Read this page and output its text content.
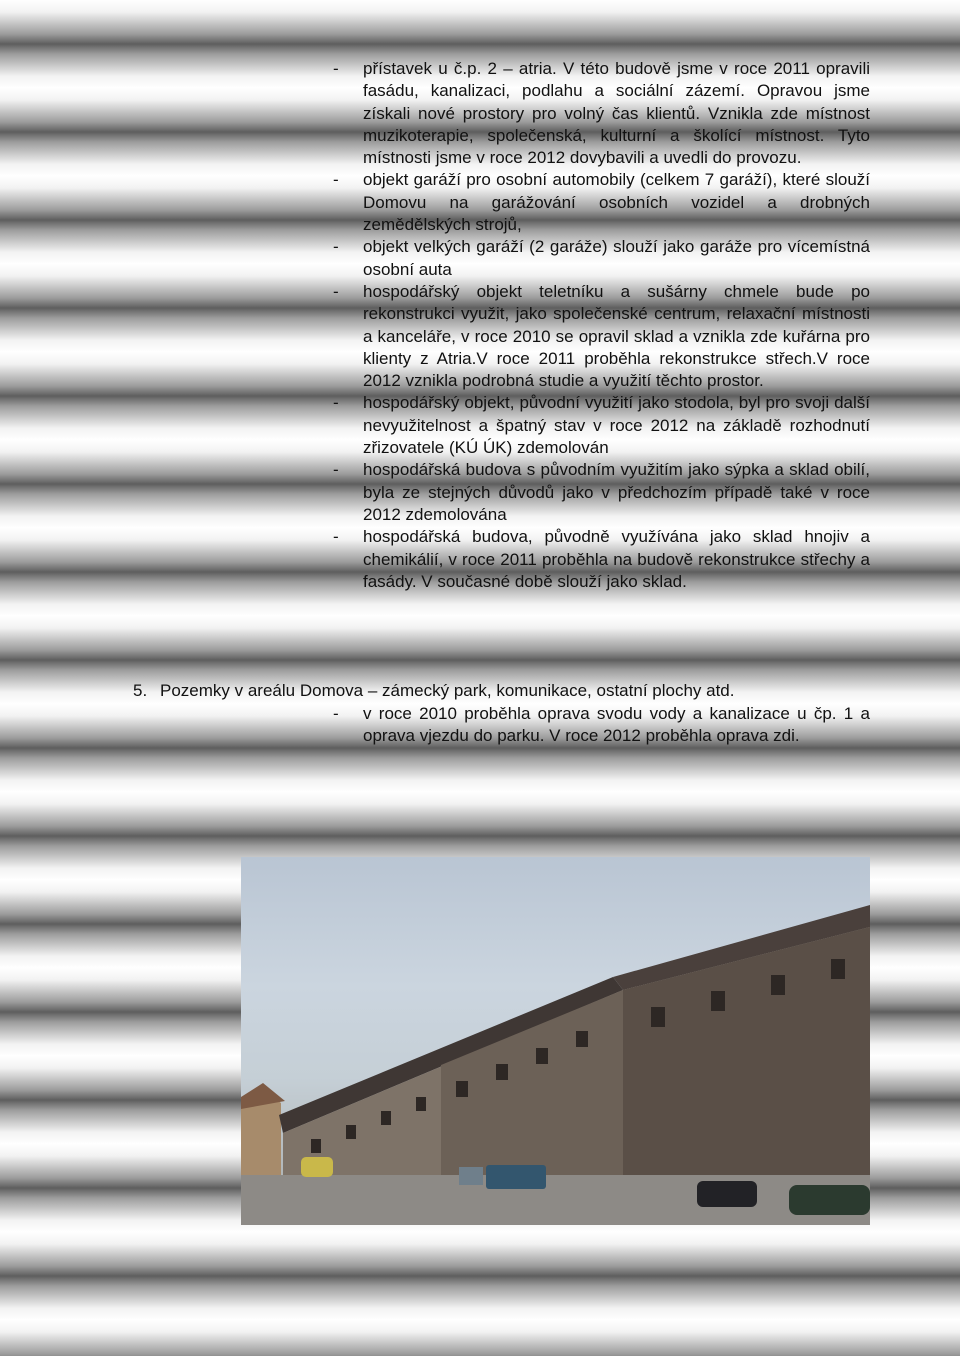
- přístavek u č.p. 2 – atria. V této budově jsme v roce 2011 opravili fasádu, kanalizaci, podlahu a sociální zázemí. Opravou jsme získali nové prostory pro volný čas klientů. Vznikla zde místnost muzikoterapie, společenská, kulturní a školící místnost. Tyto místnosti jsme v roce 2012 dovybavili a uvedli do provozu.
- objekt garáží pro osobní automobily (celkem 7 garáží), které slouží Domovu na garážování osobních vozidel a drobných zemědělských strojů,
- objekt velkých garáží (2 garáže) slouží jako garáže pro vícemístná osobní auta
- hospodářský objekt teletníku a sušárny chmele bude po rekonstrukci využit, jako společenské centrum, relaxační místnosti a kanceláře, v roce 2010 se opravil sklad a vznikla zde kuřárna pro klienty z Atria.V roce 2011 proběhla rekonstrukce střech.V roce 2012 vznikla podrobná studie a využití těchto prostor.
- hospodářský objekt, původní využití jako stodola, byl pro svoji další nevyužitelnost a špatný stav v roce 2012 na základě rozhodnutí zřizovatele (KÚ ÚK) zdemolován
- hospodářská budova s původním využitím jako sýpka a sklad obilí, byla ze stejných důvodů jako v předchozím případě také v roce 2012 zdemolována
- hospodářská budova, původně využívána jako sklad hnojiv a chemikálií, v roce 2011 proběhla na budově rekonstrukce střechy a fasády. V současné době slouží jako sklad.
5. Pozemky v areálu Domova – zámecký park, komunikace, ostatní plochy atd.
- v roce 2010 proběhla oprava svodu vody a kanalizace u čp. 1 a oprava vjezdu do parku. V roce 2012 proběhla oprava zdi.
